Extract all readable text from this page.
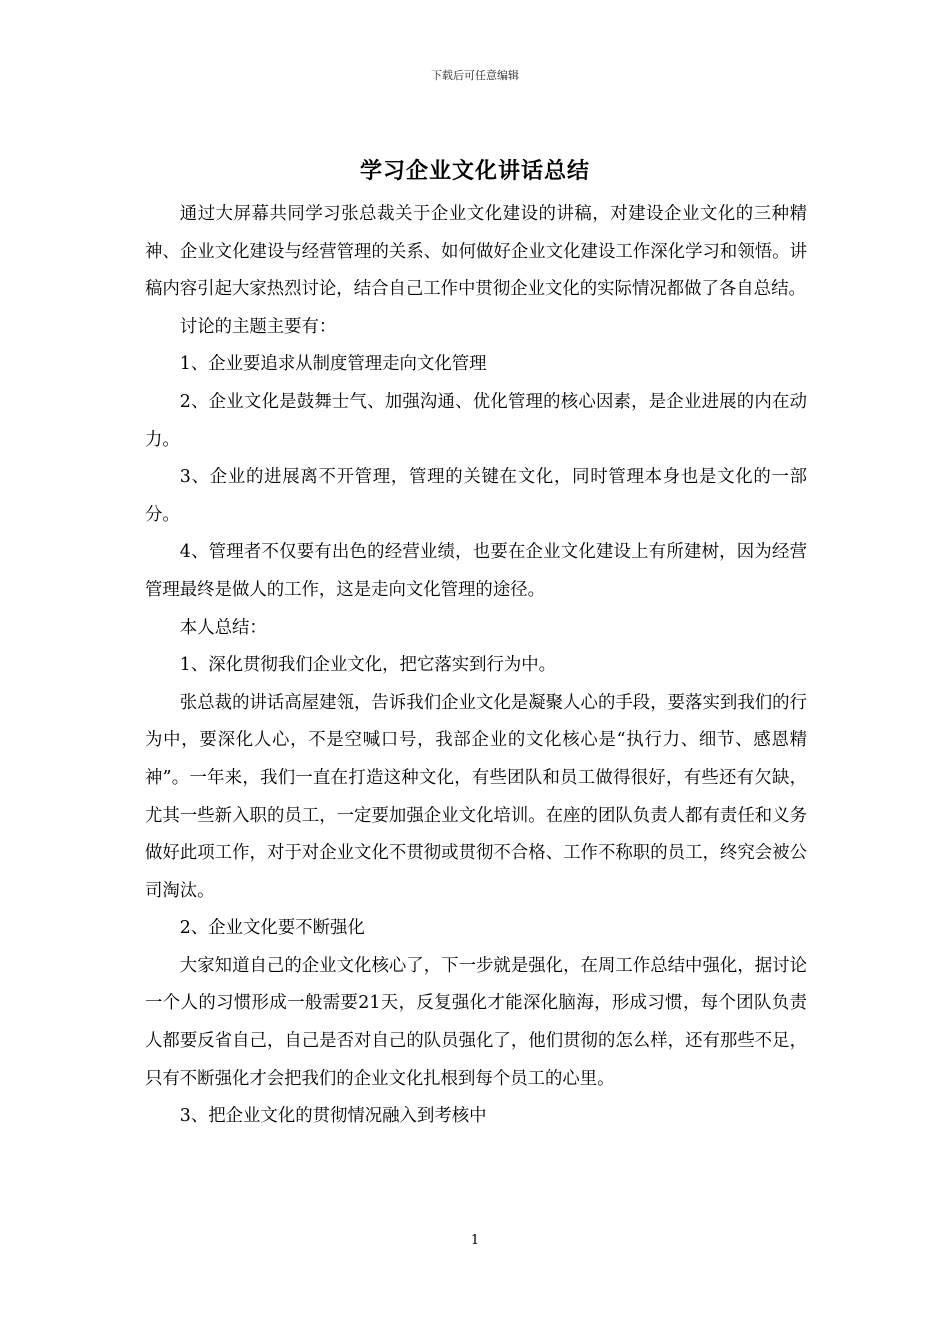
下载后可任意编辑
学习企业文化讲话总结

通过大屏幕共同学习张总裁关于企业文化建设的讲稿，对建设企业文化的三种精神、企业文化建设与经营管理的关系、如何做好企业文化建设工作深化学习和领悟。讲稿内容引起大家热烈讨论，结合自己工作中贯彻企业文化的实际情况都做了各自总结。

讨论的主题主要有：

1、企业要追求从制度管理走向文化管理

2、企业文化是鼓舞士气、加强沟通、优化管理的核心因素，是企业进展的内在动力。

3、企业的进展离不开管理，管理的关键在文化，同时管理本身也是文化的一部分。

4、管理者不仅要有出色的经营业绩，也要在企业文化建设上有所建树，因为经营管理最终是做人的工作，这是走向文化管理的途径。

本人总结：

1、深化贯彻我们企业文化，把它落实到行为中。

张总裁的讲话高屋建瓴，告诉我们企业文化是凝聚人心的手段，要落实到我们的行为中，要深化人心，不是空喊口号，我部企业的文化核心是“执行力、细节、感恩精神”。一年来，我们一直在打造这种文化，有些团队和员工做得很好，有些还有欠缺，尤其一些新入职的员工，一定要加强企业文化培训。在座的团队负责人都有责任和义务做好此项工作，对于对企业文化不贯彻或贯彻不合格、工作不称职的员工，终究会被公司淘汰。

2、企业文化要不断强化

大家知道自己的企业文化核心了，下一步就是强化，在周工作总结中强化，据讨论一个人的习惯形成一般需要21天，反复强化才能深化脑海，形成习惯，每个团队负责人都要反省自己，自己是否对自己的队员强化了，他们贯彻的怎么样，还有那些不足，只有不断强化才会把我们的企业文化扎根到每个员工的心里。

3、把企业文化的贯彻情况融入到考核中

1
